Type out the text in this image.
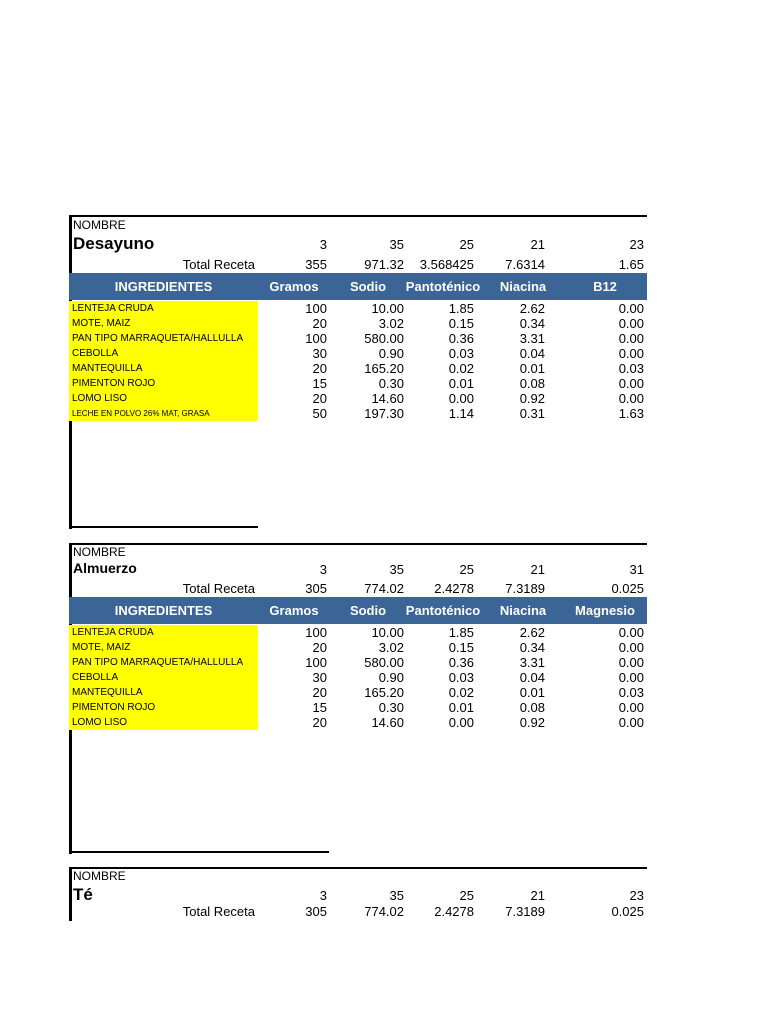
NOMBRE
Desayuno	3	35	25	21	23
Total Receta	355	971.32	3.568425	7.6314	1.65
INGREDIENTES	Gramos	Sodio	Pantoténico	Niacina	B12
LENTEJA CRUDA	100	10.00	1.85	2.62	0.00
MOTE, MAIZ	20	3.02	0.15	0.34	0.00
PAN TIPO MARRAQUETA/HALLULLA	100	580.00	0.36	3.31	0.00
CEBOLLA	30	0.90	0.03	0.04	0.00
MANTEQUILLA	20	165.20	0.02	0.01	0.03
PIMENTON ROJO	15	0.30	0.01	0.08	0.00
LOMO LISO	20	14.60	0.00	0.92	0.00
LECHE EN POLVO 26% MAT, GRASA	50	197.30	1.14	0.31	1.63
NOMBRE
Almuerzo	3	35	25	21	31
Total Receta	305	774.02	2.4278	7.3189	0.025
INGREDIENTES	Gramos	Sodio	Pantoténico	Niacina	Magnesio
LENTEJA CRUDA	100	10.00	1.85	2.62	0.00
MOTE, MAIZ	20	3.02	0.15	0.34	0.00
PAN TIPO MARRAQUETA/HALLULLA	100	580.00	0.36	3.31	0.00
CEBOLLA	30	0.90	0.03	0.04	0.00
MANTEQUILLA	20	165.20	0.02	0.01	0.03
PIMENTON ROJO	15	0.30	0.01	0.08	0.00
LOMO LISO	20	14.60	0.00	0.92	0.00
NOMBRE
Té	3	35	25	21	23
Total Receta	305	774.02	2.4278	7.3189	0.025
